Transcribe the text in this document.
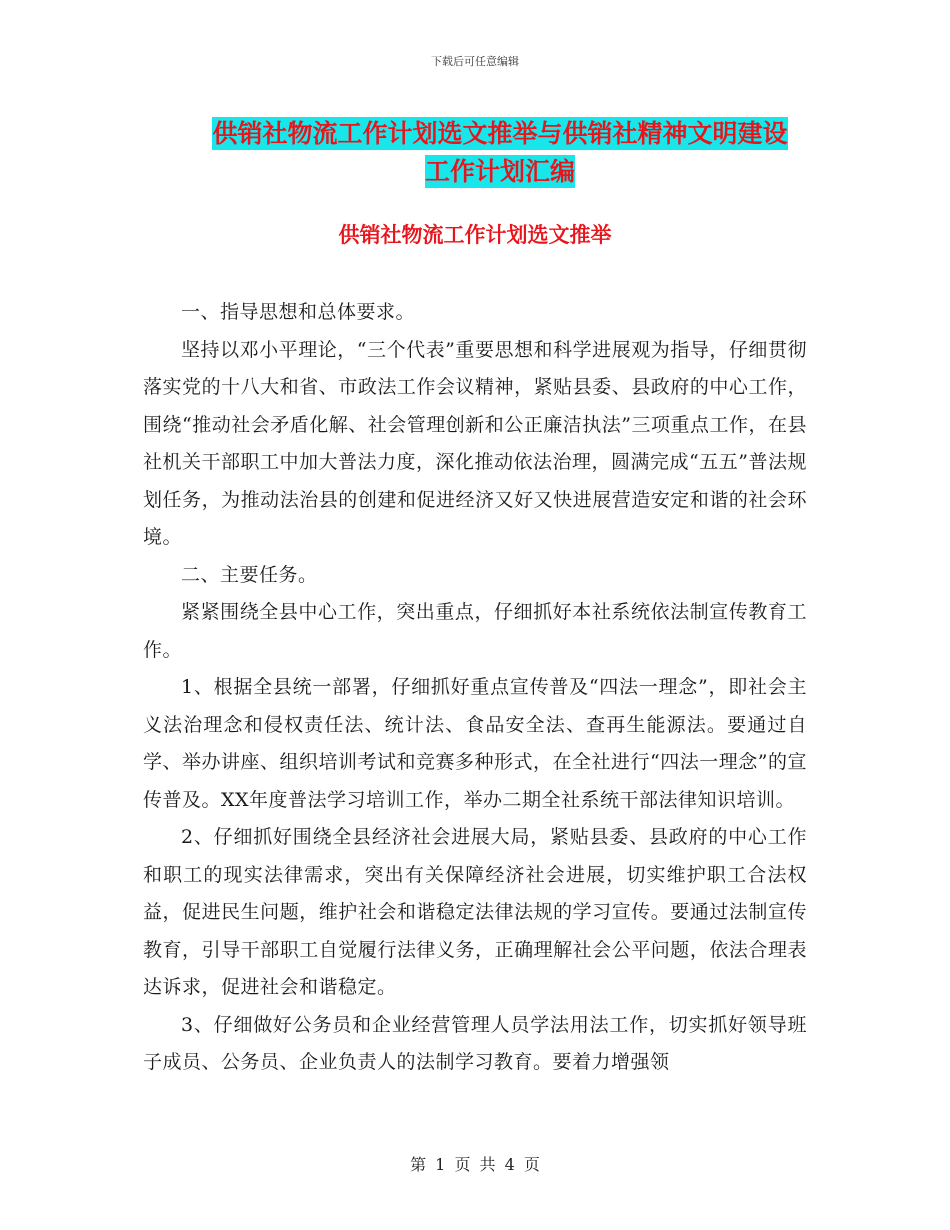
下载后可任意编辑
供销社物流工作计划选文推举与供销社精神文明建设
工作计划汇编
供销社物流工作计划选文推举

一、指导思想和总体要求。

坚持以邓小平理论，“三个代表”重要思想和科学进展观为指导，仔细贯彻落实党的十八大和省、市政法工作会议精神，紧贴县委、县政府的中心工作，围绕“推动社会矛盾化解、社会管理创新和公正廉洁执法”三项重点工作，在县社机关干部职工中加大普法力度，深化推动依法治理，圆满完成“五五”普法规划任务，为推动法治县的创建和促进经济又好又快进展营造安定和谐的社会环境。

二、主要任务。

紧紧围绕全县中心工作，突出重点，仔细抓好本社系统依法制宣传教育工作。

1、根据全县统一部署，仔细抓好重点宣传普及“四法一理念”，即社会主义法治理念和侵权责任法、统计法、食品安全法、查再生能源法。要通过自学、举办讲座、组织培训考试和竞赛多种形式，在全社进行“四法一理念”的宣传普及。XX年度普法学习培训工作，举办二期全社系统干部法律知识培训。

2、仔细抓好围绕全县经济社会进展大局，紧贴县委、县政府的中心工作和职工的现实法律需求，突出有关保障经济社会进展，切实维护职工合法权益，促进民生问题，维护社会和谐稳定法律法规的学习宣传。要通过法制宣传教育，引导干部职工自觉履行法律义务，正确理解社会公平问题，依法合理表达诉求，促进社会和谐稳定。

3、仔细做好公务员和企业经营管理人员学法用法工作，切实抓好领导班子成员、公务员、企业负责人的法制学习教育。要着力增强领

第 1 页 共 4 页
